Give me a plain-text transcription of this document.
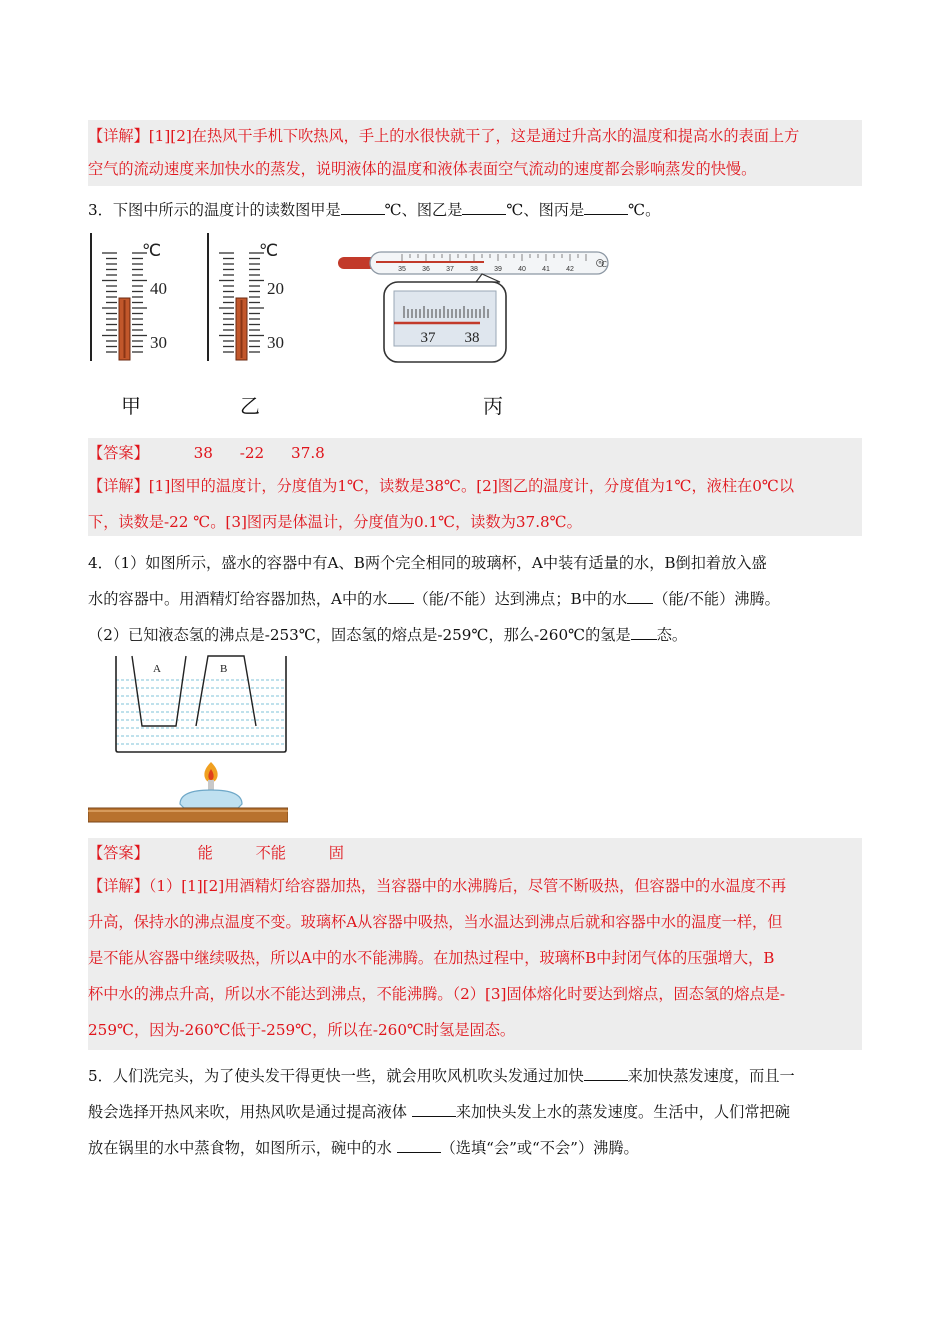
【详解】[1][2]在热风干手机下吹热风，手上的水很快就干了，这是通过升高水的温度和提高水的表面上方
空气的流动速度来加快水的蒸发，说明液体的温度和液体表面空气流动的速度都会影响蒸发的快慢。
3．下图中所示的温度计的读数图甲是	℃、图乙是	℃、图丙是	℃。
℃
40
30
℃
20
30
35 36 37 38 39 40 41 42
℃
37 38
甲	乙	丙
【答案】	38 -22 37.8
【详解】[1]图甲的温度计，分度值为1℃，读数是38℃。[2]图乙的温度计，分度值为1℃，液柱在0℃以
下，读数是-22 ℃。[3]图丙是体温计，分度值为0.1℃，读数为37.8℃。
4．（1）如图所示，盛水的容器中有A、B两个完全相同的玻璃杯，A中装有适量的水，B倒扣着放入盛
水的容器中。用酒精灯给容器加热，A中的水 （能/不能）达到沸点；B中的水 （能/不能）沸腾。
（2）已知液态氢的沸点是-253℃，固态氢的熔点是-259℃，那么-260℃的氢是 态。
A	B
【答案】	能	不能	固
【详解】（1）[1][2]用酒精灯给容器加热，当容器中的水沸腾后，尽管不断吸热，但容器中的水温度不再
升高，保持水的沸点温度不变。玻璃杯A从容器中吸热，当水温达到沸点后就和容器中水的温度一样，但
是不能从容器中继续吸热，所以A中的水不能沸腾。在加热过程中，玻璃杯B中封闭气体的压强增大，B
杯中水的沸点升高，所以水不能达到沸点，不能沸腾。（2）[3]固体熔化时要达到熔点，固态氢的熔点是-
259℃，因为-260℃低于-259℃，所以在-260℃时氢是固态。
5．人们洗完头，为了使头发干得更快一些，就会用吹风机吹头发通过加快	来加快蒸发速度，而且一
般会选择开热风来吹，用热风吹是通过提高液体	来加快头发上水的蒸发速度。生活中，人们常把碗
放在锅里的水中蒸食物，如图所示，碗中的水	（选填“会”或“不会”）沸腾。
